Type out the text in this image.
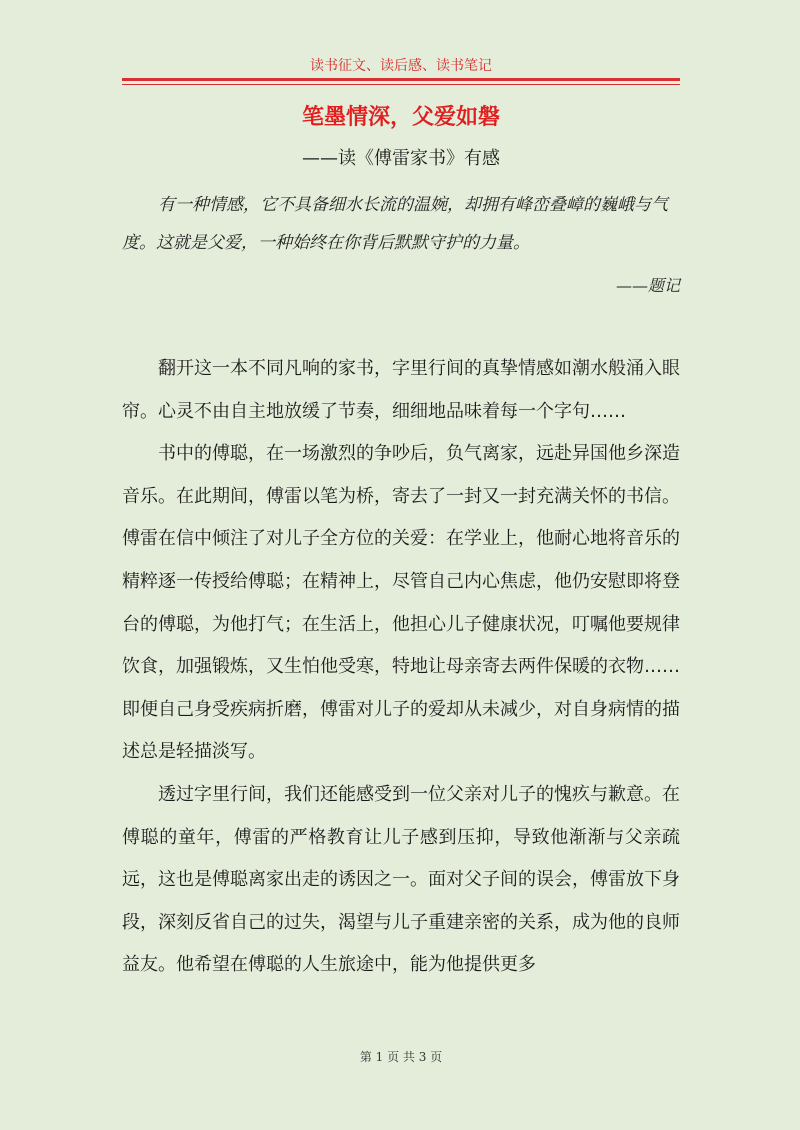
读书征文、读后感、读书笔记
笔墨情深，父爱如磐
——读《傅雷家书》有感

有一种情感，它不具备细水长流的温婉，却拥有峰峦叠嶂的巍峨与气度。这就是父爱，一种始终在你背后默默守护的力量。

——题记

翻开这一本不同凡响的家书，字里行间的真挚情感如潮水般涌入眼帘。心灵不由自主地放缓了节奏，细细地品味着每一个字句……

书中的傅聪，在一场激烈的争吵后，负气离家，远赴异国他乡深造音乐。在此期间，傅雷以笔为桥，寄去了一封又一封充满关怀的书信。傅雷在信中倾注了对儿子全方位的关爱：在学业上，他耐心地将音乐的精粹逐一传授给傅聪；在精神上，尽管自己内心焦虑，他仍安慰即将登台的傅聪，为他打气；在生活上，他担心儿子健康状况，叮嘱他要规律饮食，加强锻炼，又生怕他受寒，特地让母亲寄去两件保暖的衣物……即便自己身受疾病折磨，傅雷对儿子的爱却从未减少，对自身病情的描述总是轻描淡写。

透过字里行间，我们还能感受到一位父亲对儿子的愧疚与歉意。在傅聪的童年，傅雷的严格教育让儿子感到压抑，导致他渐渐与父亲疏远，这也是傅聪离家出走的诱因之一。面对父子间的误会，傅雷放下身段，深刻反省自己的过失，渴望与儿子重建亲密的关系，成为他的良师益友。他希望在傅聪的人生旅途中，能为他提供更多

第 1 页 共 3 页
